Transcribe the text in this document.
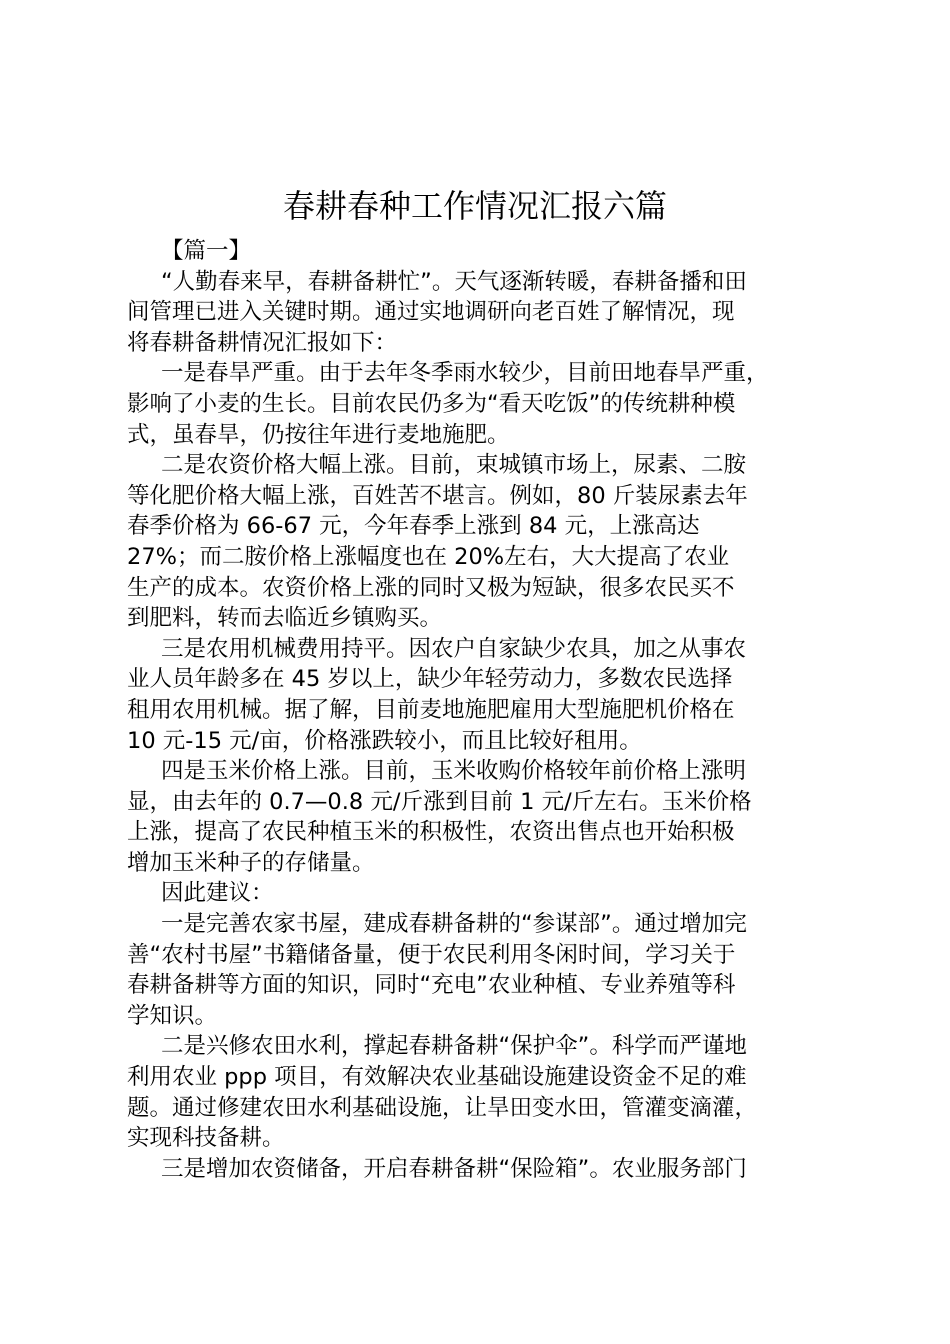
春耕春种工作情况汇报六篇
【篇一】
“人勤春来早，春耕备耕忙”。天气逐渐转暖，春耕备播和田
间管理已进入关键时期。通过实地调研向老百姓了解情况，现
将春耕备耕情况汇报如下：
一是春旱严重。由于去年冬季雨水较少，目前田地春旱严重，
影响了小麦的生长。目前农民仍多为“看天吃饭”的传统耕种模
式，虽春旱，仍按往年进行麦地施肥。
二是农资价格大幅上涨。目前，束城镇市场上，尿素、二胺
等化肥价格大幅上涨，百姓苦不堪言。例如，80 斤装尿素去年
春季价格为 66-67 元，今年春季上涨到 84 元，上涨高达
27%；而二胺价格上涨幅度也在 20%左右，大大提高了农业
生产的成本。农资价格上涨的同时又极为短缺，很多农民买不
到肥料，转而去临近乡镇购买。
三是农用机械费用持平。因农户自家缺少农具，加之从事农
业人员年龄多在 45 岁以上，缺少年轻劳动力，多数农民选择
租用农用机械。据了解，目前麦地施肥雇用大型施肥机价格在
10 元-15 元/亩，价格涨跌较小，而且比较好租用。
四是玉米价格上涨。目前，玉米收购价格较年前价格上涨明
显，由去年的 0.7—0.8 元/斤涨到目前 1 元/斤左右。玉米价格
上涨，提高了农民种植玉米的积极性，农资出售点也开始积极
增加玉米种子的存储量。
因此建议：
一是完善农家书屋，建成春耕备耕的“参谋部”。通过增加完
善“农村书屋”书籍储备量，便于农民利用冬闲时间，学习关于
春耕备耕等方面的知识，同时“充电”农业种植、专业养殖等科
学知识。
二是兴修农田水利，撑起春耕备耕“保护伞”。科学而严谨地
利用农业 ppp 项目，有效解决农业基础设施建设资金不足的难
题。通过修建农田水利基础设施，让旱田变水田，管灌变滴灌，
实现科技备耕。
三是增加农资储备，开启春耕备耕“保险箱”。农业服务部门
